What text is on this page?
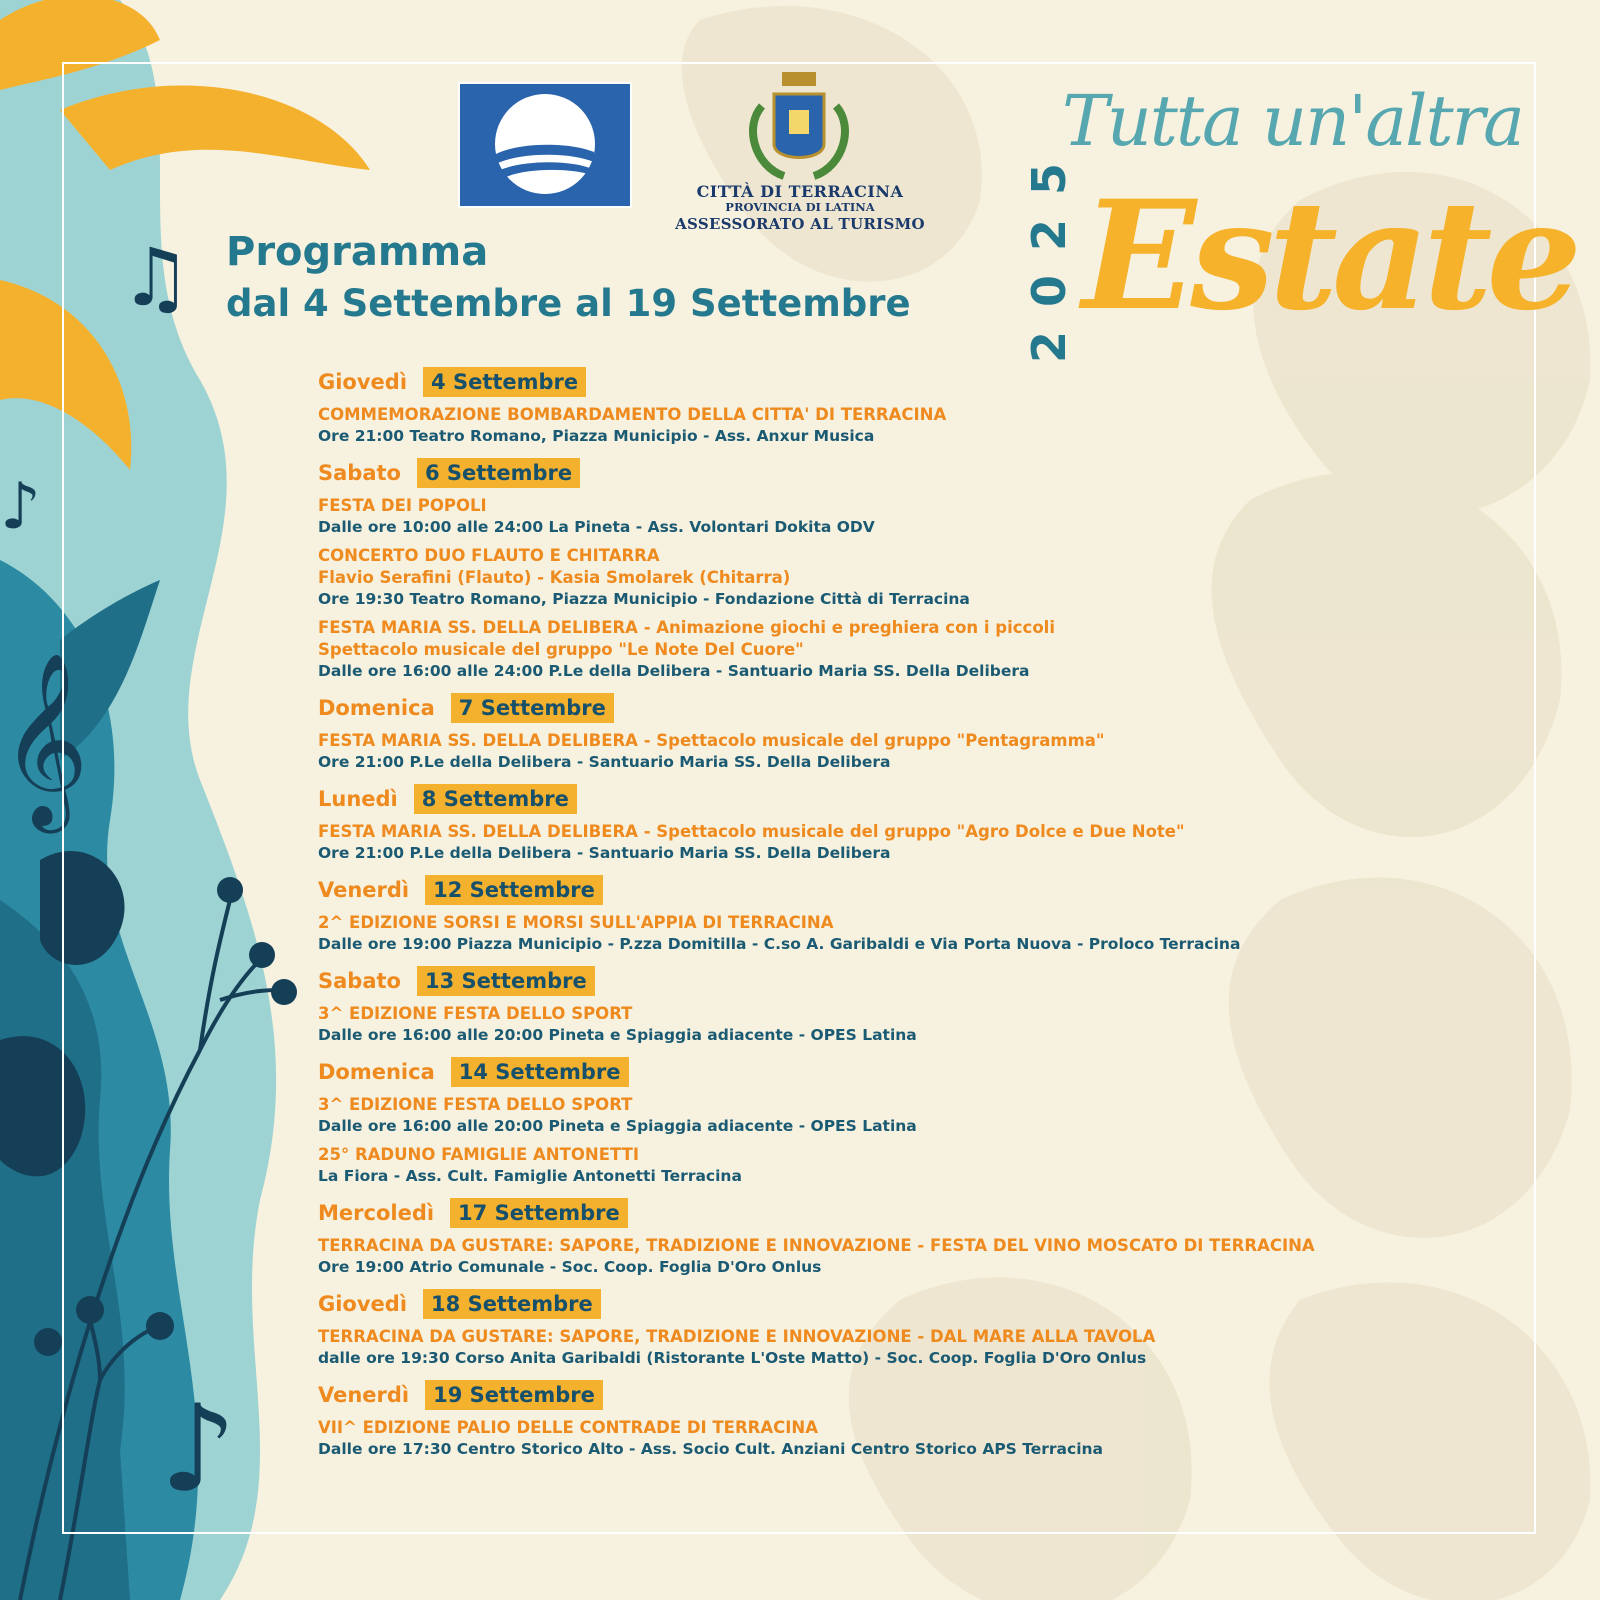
♫
♪
𝄞
♪
CITTÀ DI TERRACINA
PROVINCIA DI LATINA
ASSESSORATO AL TURISMO
Programma
dal 4 Settembre al 19 Settembre 2025
Tutta un'altra
Estate
Giovedì	4 Settembre
COMMEMORAZIONE BOMBARDAMENTO DELLA CITTA' DI TERRACINA
Ore 21:00 Teatro Romano, Piazza Municipio - Ass. Anxur Musica
Sabato	6 Settembre
FESTA DEI POPOLI
Dalle ore 10:00 alle 24:00 La Pineta - Ass. Volontari Dokita ODV
CONCERTO DUO FLAUTO E CHITARRA
Flavio Serafini (Flauto) - Kasia Smolarek (Chitarra)
Ore 19:30 Teatro Romano, Piazza Municipio - Fondazione Città di Terracina
FESTA MARIA SS. DELLA DELIBERA - Animazione giochi e preghiera con i piccoli
Spettacolo musicale del gruppo "Le Note Del Cuore"
Dalle ore 16:00 alle 24:00 P.Le della Delibera - Santuario Maria SS. Della Delibera
Domenica	7 Settembre
FESTA MARIA SS. DELLA DELIBERA - Spettacolo musicale del gruppo "Pentagramma"
Ore 21:00 P.Le della Delibera - Santuario Maria SS. Della Delibera
Lunedì	8 Settembre
FESTA MARIA SS. DELLA DELIBERA - Spettacolo musicale del gruppo "Agro Dolce e Due Note"
Ore 21:00 P.Le della Delibera - Santuario Maria SS. Della Delibera
Venerdì	12 Settembre
2^ EDIZIONE SORSI E MORSI SULL'APPIA DI TERRACINA
Dalle ore 19:00 Piazza Municipio - P.zza Domitilla - C.so A. Garibaldi e Via Porta Nuova - Proloco Terracina
Sabato	13 Settembre
3^ EDIZIONE FESTA DELLO SPORT
Dalle ore 16:00 alle 20:00 Pineta e Spiaggia adiacente - OPES Latina
Domenica	14 Settembre
3^ EDIZIONE FESTA DELLO SPORT
Dalle ore 16:00 alle 20:00 Pineta e Spiaggia adiacente - OPES Latina
25° RADUNO FAMIGLIE ANTONETTI
La Fiora - Ass. Cult. Famiglie Antonetti Terracina
Mercoledì	17 Settembre
TERRACINA DA GUSTARE: SAPORE, TRADIZIONE E INNOVAZIONE - FESTA DEL VINO MOSCATO DI TERRACINA
Ore 19:00 Atrio Comunale - Soc. Coop. Foglia D'Oro Onlus
Giovedì	18 Settembre
TERRACINA DA GUSTARE: SAPORE, TRADIZIONE E INNOVAZIONE - DAL MARE ALLA TAVOLA
dalle ore 19:30 Corso Anita Garibaldi (Ristorante L'Oste Matto) - Soc. Coop. Foglia D'Oro Onlus
Venerdì	19 Settembre
VII^ EDIZIONE PALIO DELLE CONTRADE DI TERRACINA
Dalle ore 17:30 Centro Storico Alto - Ass. Socio Cult. Anziani Centro Storico APS Terracina
